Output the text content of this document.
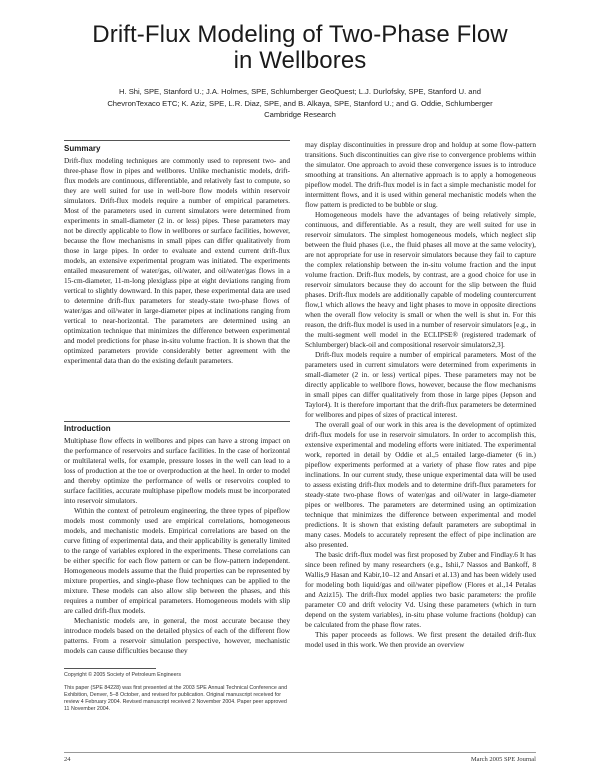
Drift-Flux Modeling of Two-Phase Flow
in Wellbores
H. Shi, SPE, Stanford U.; J.A. Holmes, SPE, Schlumberger GeoQuest; L.J. Durlofsky, SPE, Stanford U. and
ChevronTexaco ETC; K. Aziz, SPE, L.R. Diaz, SPE, and B. Alkaya, SPE, Stanford U.; and G. Oddie, Schlumberger
Cambridge Research
Summary

Drift-flux modeling techniques are commonly used to represent two- and three-phase flow in pipes and wellbores. Unlike mechanistic models, drift-flux models are continuous, differentiable, and relatively fast to compute, so they are well suited for use in well-bore flow models within reservoir simulators. Drift-flux models require a number of empirical parameters. Most of the parameters used in current simulators were determined from experiments in small-diameter (2 in. or less) pipes. These parameters may not be directly applicable to flow in wellbores or surface facilities, however, because the flow mechanisms in small pipes can differ qualitatively from those in large pipes. In order to evaluate and extend current drift-flux models, an extensive experimental program was initiated. The experiments entailed measurement of water/gas, oil/water, and oil/water/gas flows in a 15-cm-diameter, 11-m-long plexiglass pipe at eight deviations ranging from vertical to slightly downward. In this paper, these experimental data are used to determine drift-flux parameters for steady-state two-phase flows of water/gas and oil/water in large-diameter pipes at inclinations ranging from vertical to near-horizontal. The parameters are determined using an optimization technique that minimizes the difference between experimental and model predictions for phase in-situ volume fraction. It is shown that the optimized parameters provide considerably better agreement with the experimental data than do the existing default parameters.

Introduction

Multiphase flow effects in wellbores and pipes can have a strong impact on the performance of reservoirs and surface facilities. In the case of horizontal or multilateral wells, for example, pressure losses in the well can lead to a loss of production at the toe or overproduction at the heel. In order to model and thereby optimize the performance of wells or reservoirs coupled to surface facilities, accurate multiphase pipeflow models must be incorporated into reservoir simulators.

Within the context of petroleum engineering, the three types of pipeflow models most commonly used are empirical correlations, homogeneous models, and mechanistic models. Empirical correlations are based on the curve fitting of experimental data, and their applicability is generally limited to the range of variables explored in the experiments. These correlations can be either specific for each flow pattern or can be flow-pattern independent. Homogeneous models assume that the fluid properties can be represented by mixture properties, and single-phase flow techniques can be applied to the mixture. These models can also allow slip between the phases, and this requires a number of empirical parameters. Homogeneous models with slip are called drift-flux models.

Mechanistic models are, in general, the most accurate because they introduce models based on the detailed physics of each of the different flow patterns. From a reservoir simulation perspective, however, mechanistic models can cause difficulties because they

may display discontinuities in pressure drop and holdup at some flow-pattern transitions. Such discontinuities can give rise to convergence problems within the simulator. One approach to avoid these convergence issues is to introduce smoothing at transitions. An alternative approach is to apply a homogeneous pipeflow model. The drift-flux model is in fact a simple mechanistic model for intermittent flows, and it is used within general mechanistic models when the flow pattern is predicted to be bubble or slug.

Homogeneous models have the advantages of being relatively simple, continuous, and differentiable. As a result, they are well suited for use in reservoir simulators. The simplest homogeneous models, which neglect slip between the fluid phases (i.e., the fluid phases all move at the same velocity), are not appropriate for use in reservoir simulators because they fail to capture the complex relationship between the in-situ volume fraction and the input volume fraction. Drift-flux models, by contrast, are a good choice for use in reservoir simulators because they do account for the slip between the fluid phases. Drift-flux models are additionally capable of modeling countercurrent flow,1 which allows the heavy and light phases to move in opposite directions when the overall flow velocity is small or when the well is shut in. For this reason, the drift-flux model is used in a number of reservoir simulators [e.g., in the multi-segment well model in the ECLIPSE® (registered trademark of Schlumberger) black-oil and compositional reservoir simulators2,3].

Drift-flux models require a number of empirical parameters. Most of the parameters used in current simulators were determined from experiments in small-diameter (2 in. or less) vertical pipes. These parameters may not be directly applicable to wellbore flows, however, because the flow mechanisms in small pipes can differ qualitatively from those in large pipes (Jepson and Taylor4). It is therefore important that the drift-flux parameters be determined for wellbores and pipes of sizes of practical interest.

The overall goal of our work in this area is the development of optimized drift-flux models for use in reservoir simulators. In order to accomplish this, extensive experimental and modeling efforts were initiated. The experimental work, reported in detail by Oddie et al.,5 entailed large-diameter (6 in.) pipeflow experiments performed at a variety of phase flow rates and pipe inclinations. In our current study, these unique experimental data will be used to assess existing drift-flux models and to determine drift-flux parameters for steady-state two-phase flows of water/gas and oil/water in large-diameter pipes or wellbores. The parameters are determined using an optimization technique that minimizes the difference between experimental and model predictions. It is shown that existing default parameters are suboptimal in many cases. Models to accurately represent the effect of pipe inclination are also presented.

The basic drift-flux model was first proposed by Zuber and Findlay.6 It has since been refined by many researchers (e.g., Ishii,7 Nassos and Bankoff, 8 Wallis,9 Hasan and Kabir,10–12 and Ansari et al.13) and has been widely used for modeling both liquid/gas and oil/water pipeflow (Flores et al.,14 Petalas and Aziz15). The drift-flux model applies two basic parameters: the profile parameter C0 and drift velocity Vd. Using these parameters (which in turn depend on the system variables), in-situ phase volume fractions (holdup) can be calculated from the phase flow rates.

This paper proceeds as follows. We first present the detailed drift-flux model used in this work. We then provide an overview

Copyright © 2005 Society of Petroleum Engineers
This paper (SPE 84228) was first presented at the 2003 SPE Annual Technical Conference and Exhibition, Denver, 5–8 October, and revised for publication. Original manuscript received for review 4 February 2004. Revised manuscript received 2 November 2004. Paper peer approved 11 November 2004.
24	March 2005 SPE Journal
